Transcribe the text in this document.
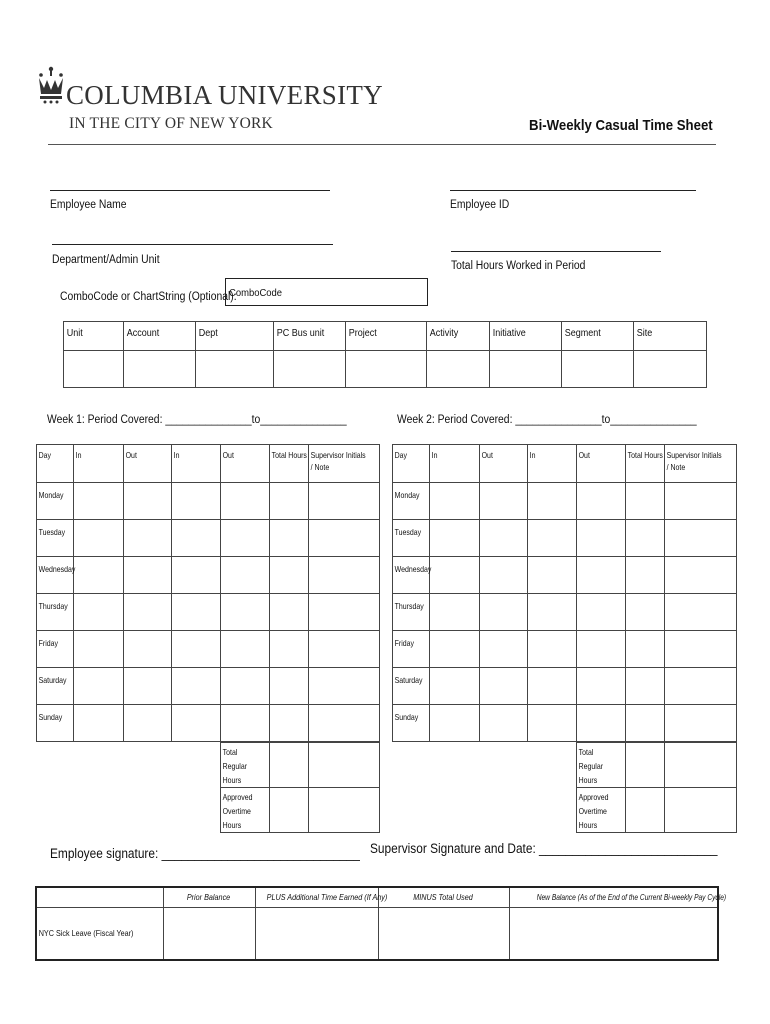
COLUMBIA UNIVERSITY
IN THE CITY OF NEW YORK	Bi-Weekly Casual Time Sheet
Employee Name	Employee ID
Department/Admin Unit	Total Hours Worked in Period
ComboCode or ChartString (Optional):
ComboCode
Unit	Account	Dept	PC Bus unit	Project	Activity	Initiative	Segment	Site

Week 1: Period Covered: _______________to_______________	Week 2: Period Covered: _______________to_______________
Day	In	Out	In	Out	Total Hours	Supervisor Initials / Note
Monday						
Tuesday						
Wednesday						
Thursday						
Friday						
Saturday						
Sunday						
Total Regular Hours		
Approved Overtime Hours		
Day	In	Out	In	Out	Total Hours	Supervisor Initials / Note
Monday						
Tuesday						
Wednesday						
Thursday						
Friday						
Saturday						
Sunday						
Total Regular Hours		
Approved Overtime Hours		
Employee signature: ______________________________ Supervisor Signature and Date: ___________________________
	Prior Balance	PLUS Additional Time Earned (If Any)	MINUS Total Used	New Balance (As of the End of the Current Bi-weekly Pay Cycle)
NYC Sick Leave (Fiscal Year)				
